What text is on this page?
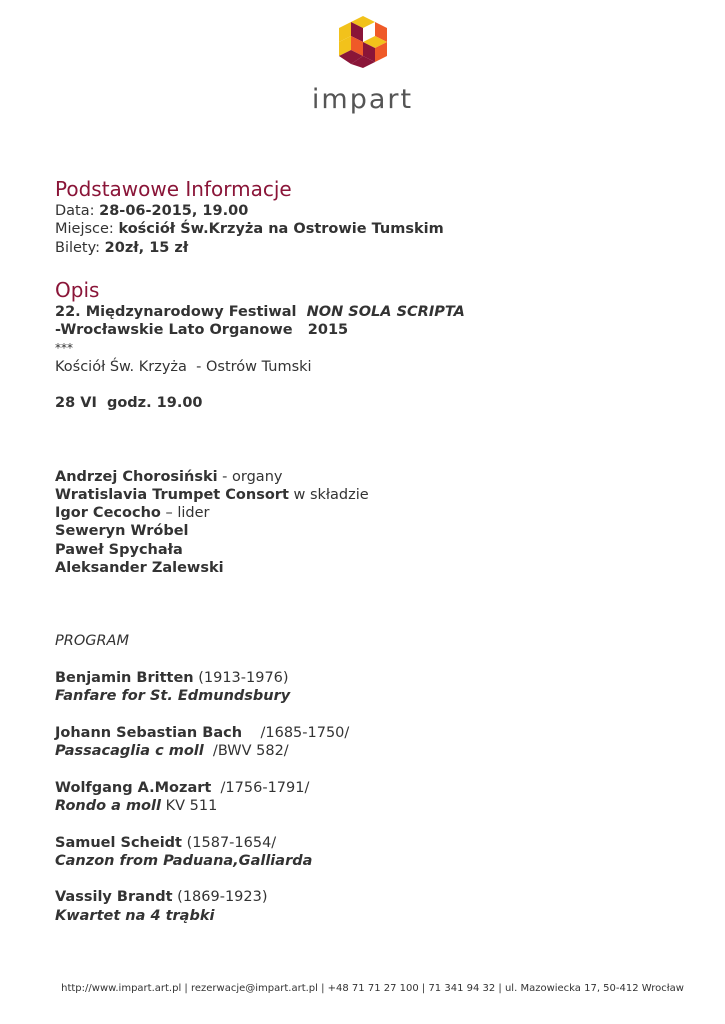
impart
Podstawowe Informacje
Data: 28-06-2015, 19.00
Miejsce: kościół Św.Krzyża na Ostrowie Tumskim
Bilety: 20zł, 15 zł
Opis
22. Międzynarodowy Festiwal  NON SOLA SCRIPTA
-Wrocławskie Lato Organowe   2015
***
Kościół Św. Krzyża  - Ostrów Tumski
28 VI  godz. 19.00
Andrzej Chorosiński - organy
Wratislavia Trumpet Consort w składzie
Igor Cecocho – lider
Seweryn Wróbel
Paweł Spychała
Aleksander Zalewski
PROGRAM
Benjamin Britten (1913-1976)
Fanfare for St. Edmundsbury
Johann Sebastian Bach    /1685-1750/
Passacaglia c moll  /BWV 582/
Wolfgang A.Mozart  /1756-1791/
Rondo a moll KV 511
Samuel Scheidt (1587-1654/
Canzon from Paduana,Galliarda
Vassily Brandt (1869-1923)
Kwartet na 4 trąbki
http://www.impart.art.pl | rezerwacje@impart.art.pl | +48 71 71 27 100 | 71 341 94 32 | ul. Mazowiecka 17, 50-412 Wrocław
